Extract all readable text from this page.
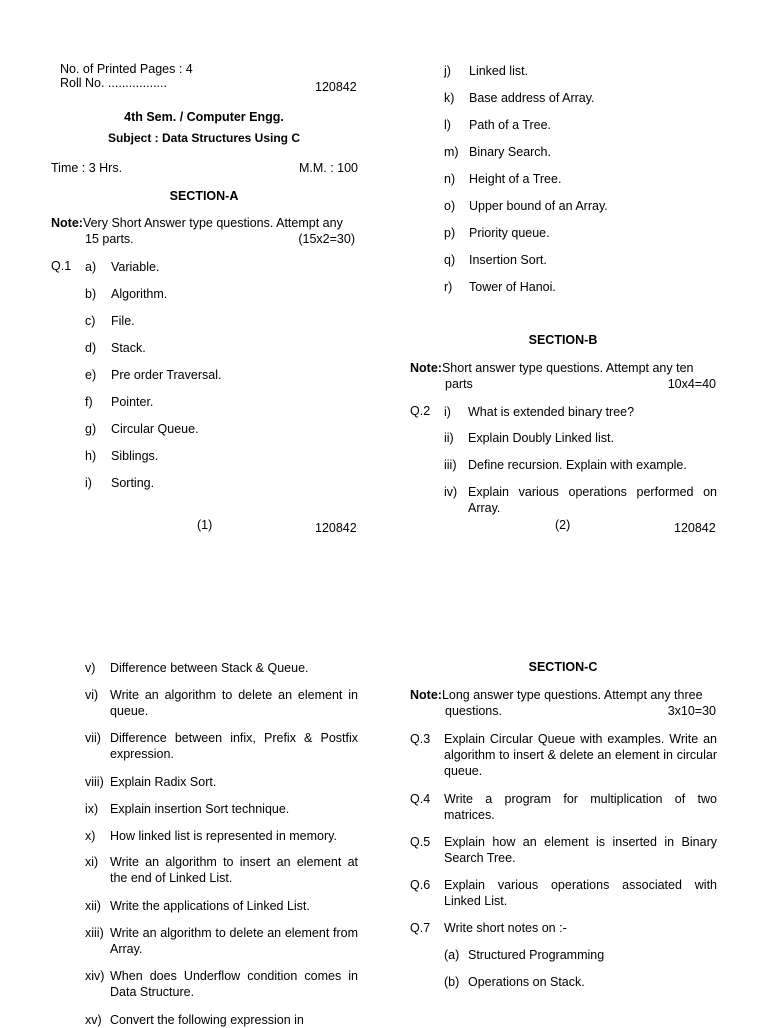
No. of Printed Pages : 4
Roll No. .................	120842
4th Sem. / Computer Engg.
Subject : Data Structures Using C
Time : 3 Hrs.	M.M. : 100
SECTION-A
Note:Very Short Answer type questions. Attempt any
15 parts.	(15x2=30)
Q.1 a) Variable.
b) Algorithm.
c) File.
d) Stack.
e) Pre order Traversal.
f) Pointer.
g) Circular Queue.
h) Siblings.
i) Sorting.
(1)	120842
j) Linked list.
k) Base address of Array.
l) Path of a Tree.
m) Binary Search.
n) Height of a Tree.
o) Upper bound of an Array.
p) Priority queue.
q) Insertion Sort.
r) Tower of Hanoi.
SECTION-B
Note:Short answer type questions. Attempt any ten
parts	10x4=40
Q.2 i) What is extended binary tree?
ii) Explain Doubly Linked list.
iii) Define recursion. Explain with example.
iv) Explain various operations performed on Array.
(2)	120842
v) Difference between Stack & Queue.
vi) Write an algorithm to delete an element in queue.
vii) Difference between infix, Prefix & Postfix expression.
viii) Explain Radix Sort.
ix) Explain insertion Sort technique.
x) How linked list is represented in memory.
xi) Write an algorithm to insert an element at the end of Linked List.
xii) Write the applications of Linked List.
xiii) Write an algorithm to delete an element from Array.
xiv) When does Underflow condition comes in Data Structure.
xv) Convert the following expression in
SECTION-C
Note:Long answer type questions. Attempt any three
questions.	3x10=30
Q.3 Explain Circular Queue with examples. Write an algorithm to insert & delete an element in circular queue.
Q.4 Write a program for multiplication of two matrices.
Q.5 Explain how an element is inserted in Binary Search Tree.
Q.6 Explain various operations associated with Linked List.
Q.7 Write short notes on :-
(a) Structured Programming
(b) Operations on Stack.
